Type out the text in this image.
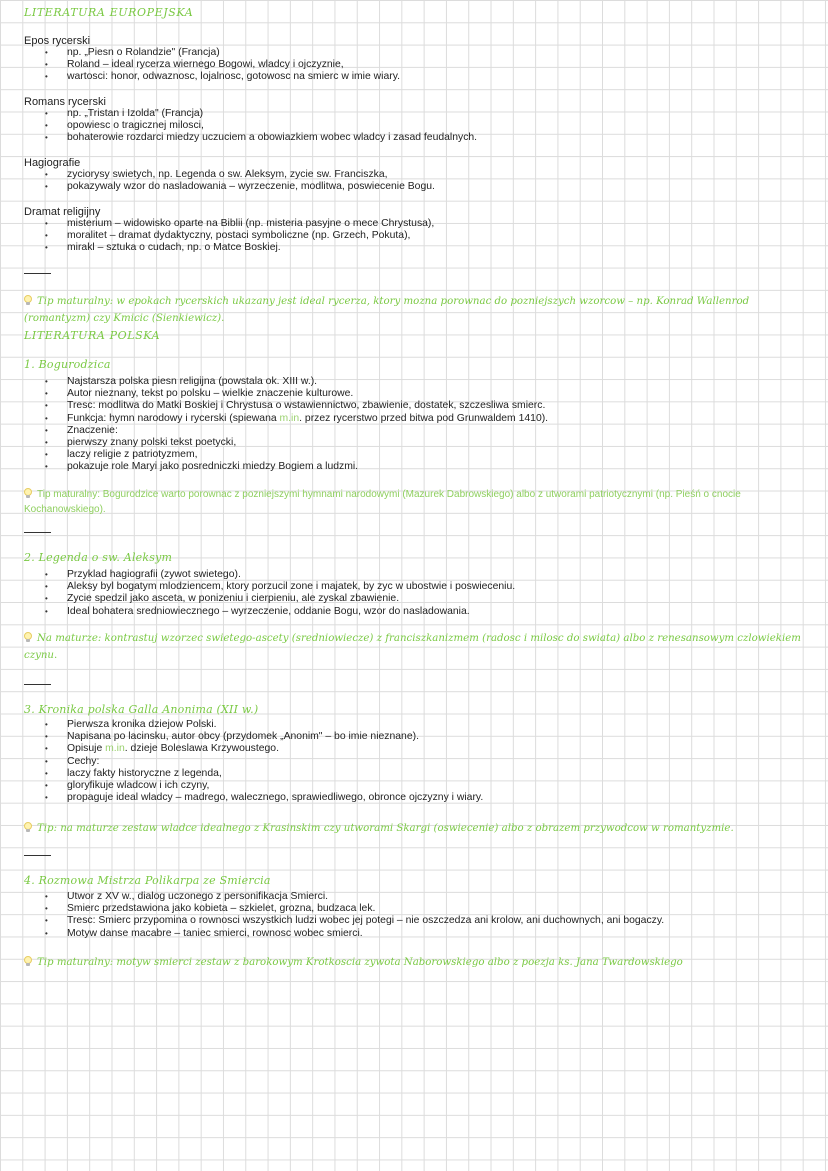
LITERATURA EUROPEJSKA
Epos rycerski
• np. „Piesn o Rolandzie" (Francja)
• Roland – ideal rycerza wiernego Bogowi, wladcy i ojczyznie,
• wartosci: honor, odwaznosc, lojalnosc, gotowosc na smierc w imie wiary.
Romans rycerski
• np. „Tristan i Izolda" (Francja)
• opowiesc o tragicznej milosci,
• bohaterowie rozdarci miedzy uczuciem a obowiazkiem wobec wladcy i zasad feudalnych.
Hagiografie
• zyciorysy swietych, np. Legenda o sw. Aleksym, zycie sw. Franciszka,
• pokazywaly wzor do nasladowania – wyrzeczenie, modlitwa, poswiecenie Bogu.
Dramat religijny
• misterium – widowisko oparte na Biblii (np. misteria pasyjne o mece Chrystusa),
• moralitet – dramat dydaktyczny, postaci symboliczne (np. Grzech, Pokuta),
• mirakl – sztuka o cudach, np. o Matce Boskiej.
Tip maturalny: w epokach rycerskich ukazany jest ideal rycerza, ktory mozna porownac do pozniejszych wzorcow – np. Konrad Wallenrod
(romantyzm) czy Kmicic (Sienkiewicz).
LITERATURA POLSKA
1. Bogurodzica
• Najstarsza polska piesn religijna (powstala ok. XIII w.).
• Autor nieznany, tekst po polsku – wielkie znaczenie kulturowe.
• Tresc: modlitwa do Matki Boskiej i Chrystusa o wstawiennictwo, zbawienie, dostatek, szczesliwa smierc.
• Funkcja: hymn narodowy i rycerski (spiewana m.in. przez rycerstwo przed bitwa pod Grunwaldem 1410).
• Znaczenie:
• pierwszy znany polski tekst poetycki,
• laczy religie z patriotyzmem,
• pokazuje role Maryi jako posredniczki miedzy Bogiem a ludzmi.
Tip maturalny: Bogurodzice warto porownac z pozniejszymi hymnami narodowymi (Mazurek Dabrowskiego) albo z utworami patriotycznymi (np. Pieśń o cnocie
Kochanowskiego).
2. Legenda o sw. Aleksym
• Przyklad hagiografii (zywot swietego).
• Aleksy byl bogatym mlodziencem, ktory porzucil zone i majatek, by zyc w ubostwie i poswieceniu.
• Zycie spedzil jako asceta, w ponizeniu i cierpieniu, ale zyskal zbawienie.
• Ideal bohatera sredniowiecznego – wyrzeczenie, oddanie Bogu, wzor do nasladowania.
Na maturze: kontrastuj wzorzec swietego-ascety (sredniowiecze) z franciszkanizmem (radosc i milosc do swiata) albo z renesansowym czlowiekiem
czynu.
3. Kronika polska Galla Anonima (XII w.)
• Pierwsza kronika dziejow Polski.
• Napisana po lacinsku, autor obcy (przydomek „Anonim" – bo imie nieznane).
• Opisuje m.in. dzieje Boleslawa Krzywoustego.
• Cechy:
• laczy fakty historyczne z legenda,
• gloryfikuje wladcow i ich czyny,
• propaguje ideal wladcy – madrego, walecznego, sprawiedliwego, obronce ojczyzny i wiary.
Tip: na maturze zestaw wladce idealnego z Krasinskim czy utworami Skargi (oswiecenie) albo z obrazem przywodcow w romantyzmie.
4. Rozmowa Mistrza Polikarpa ze Smiercia
• Utwor z XV w., dialog uczonego z personifikacja Smierci.
• Smierc przedstawiona jako kobieta – szkielet, grozna, budzaca lek.
• Tresc: Smierc przypomina o rownosci wszystkich ludzi wobec jej potegi – nie oszczedza ani krolow, ani duchownych, ani bogaczy.
• Motyw danse macabre – taniec smierci, rownosc wobec smierci.
Tip maturalny: motyw smierci zestaw z barokowym Krotkoscia zywota Naborowskiego albo z poezja ks. Jana Twardowskiego
